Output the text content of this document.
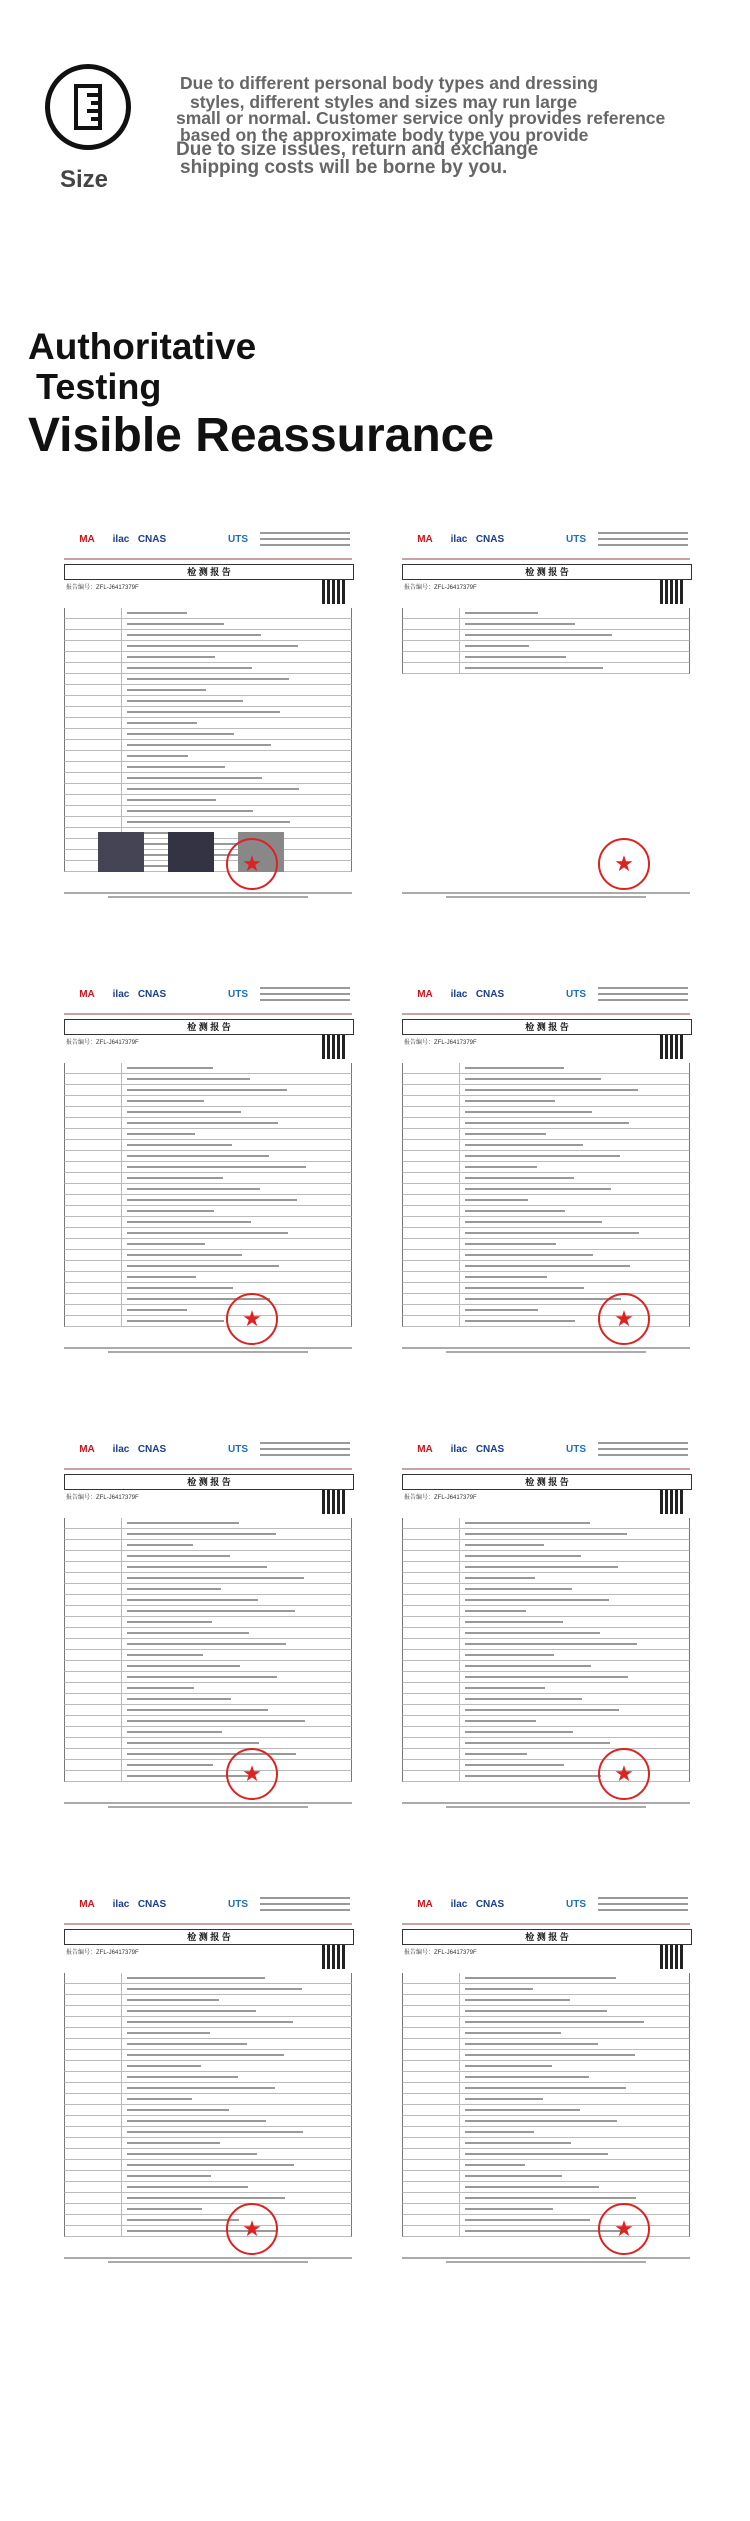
Size

Due to different personal body types and dressing

styles, different styles and sizes may run large

small or normal. Customer service only provides reference

based on the approximate body type you provide

Due to size issues, return and exchange

shipping costs will be borne by you.

Authoritative
Testing
Visible Reassurance
MA	ilac CNAS	UTS
检 测 报 告
报告编号：ZFL-J6417379F
★
MA	ilac CNAS	UTS
检 测 报 告
报告编号：ZFL-J6417379F
★
MA	ilac CNAS	UTS
检 测 报 告
报告编号：ZFL-J6417379F
★
MA	ilac CNAS	UTS
检 测 报 告
报告编号：ZFL-J6417379F
★
MA	ilac CNAS	UTS
检 测 报 告
报告编号：ZFL-J6417379F
★
MA	ilac CNAS	UTS
检 测 报 告
报告编号：ZFL-J6417379F
★
MA	ilac CNAS	UTS
检 测 报 告
报告编号：ZFL-J6417379F
★
MA	ilac CNAS	UTS
检 测 报 告
报告编号：ZFL-J6417379F
★
